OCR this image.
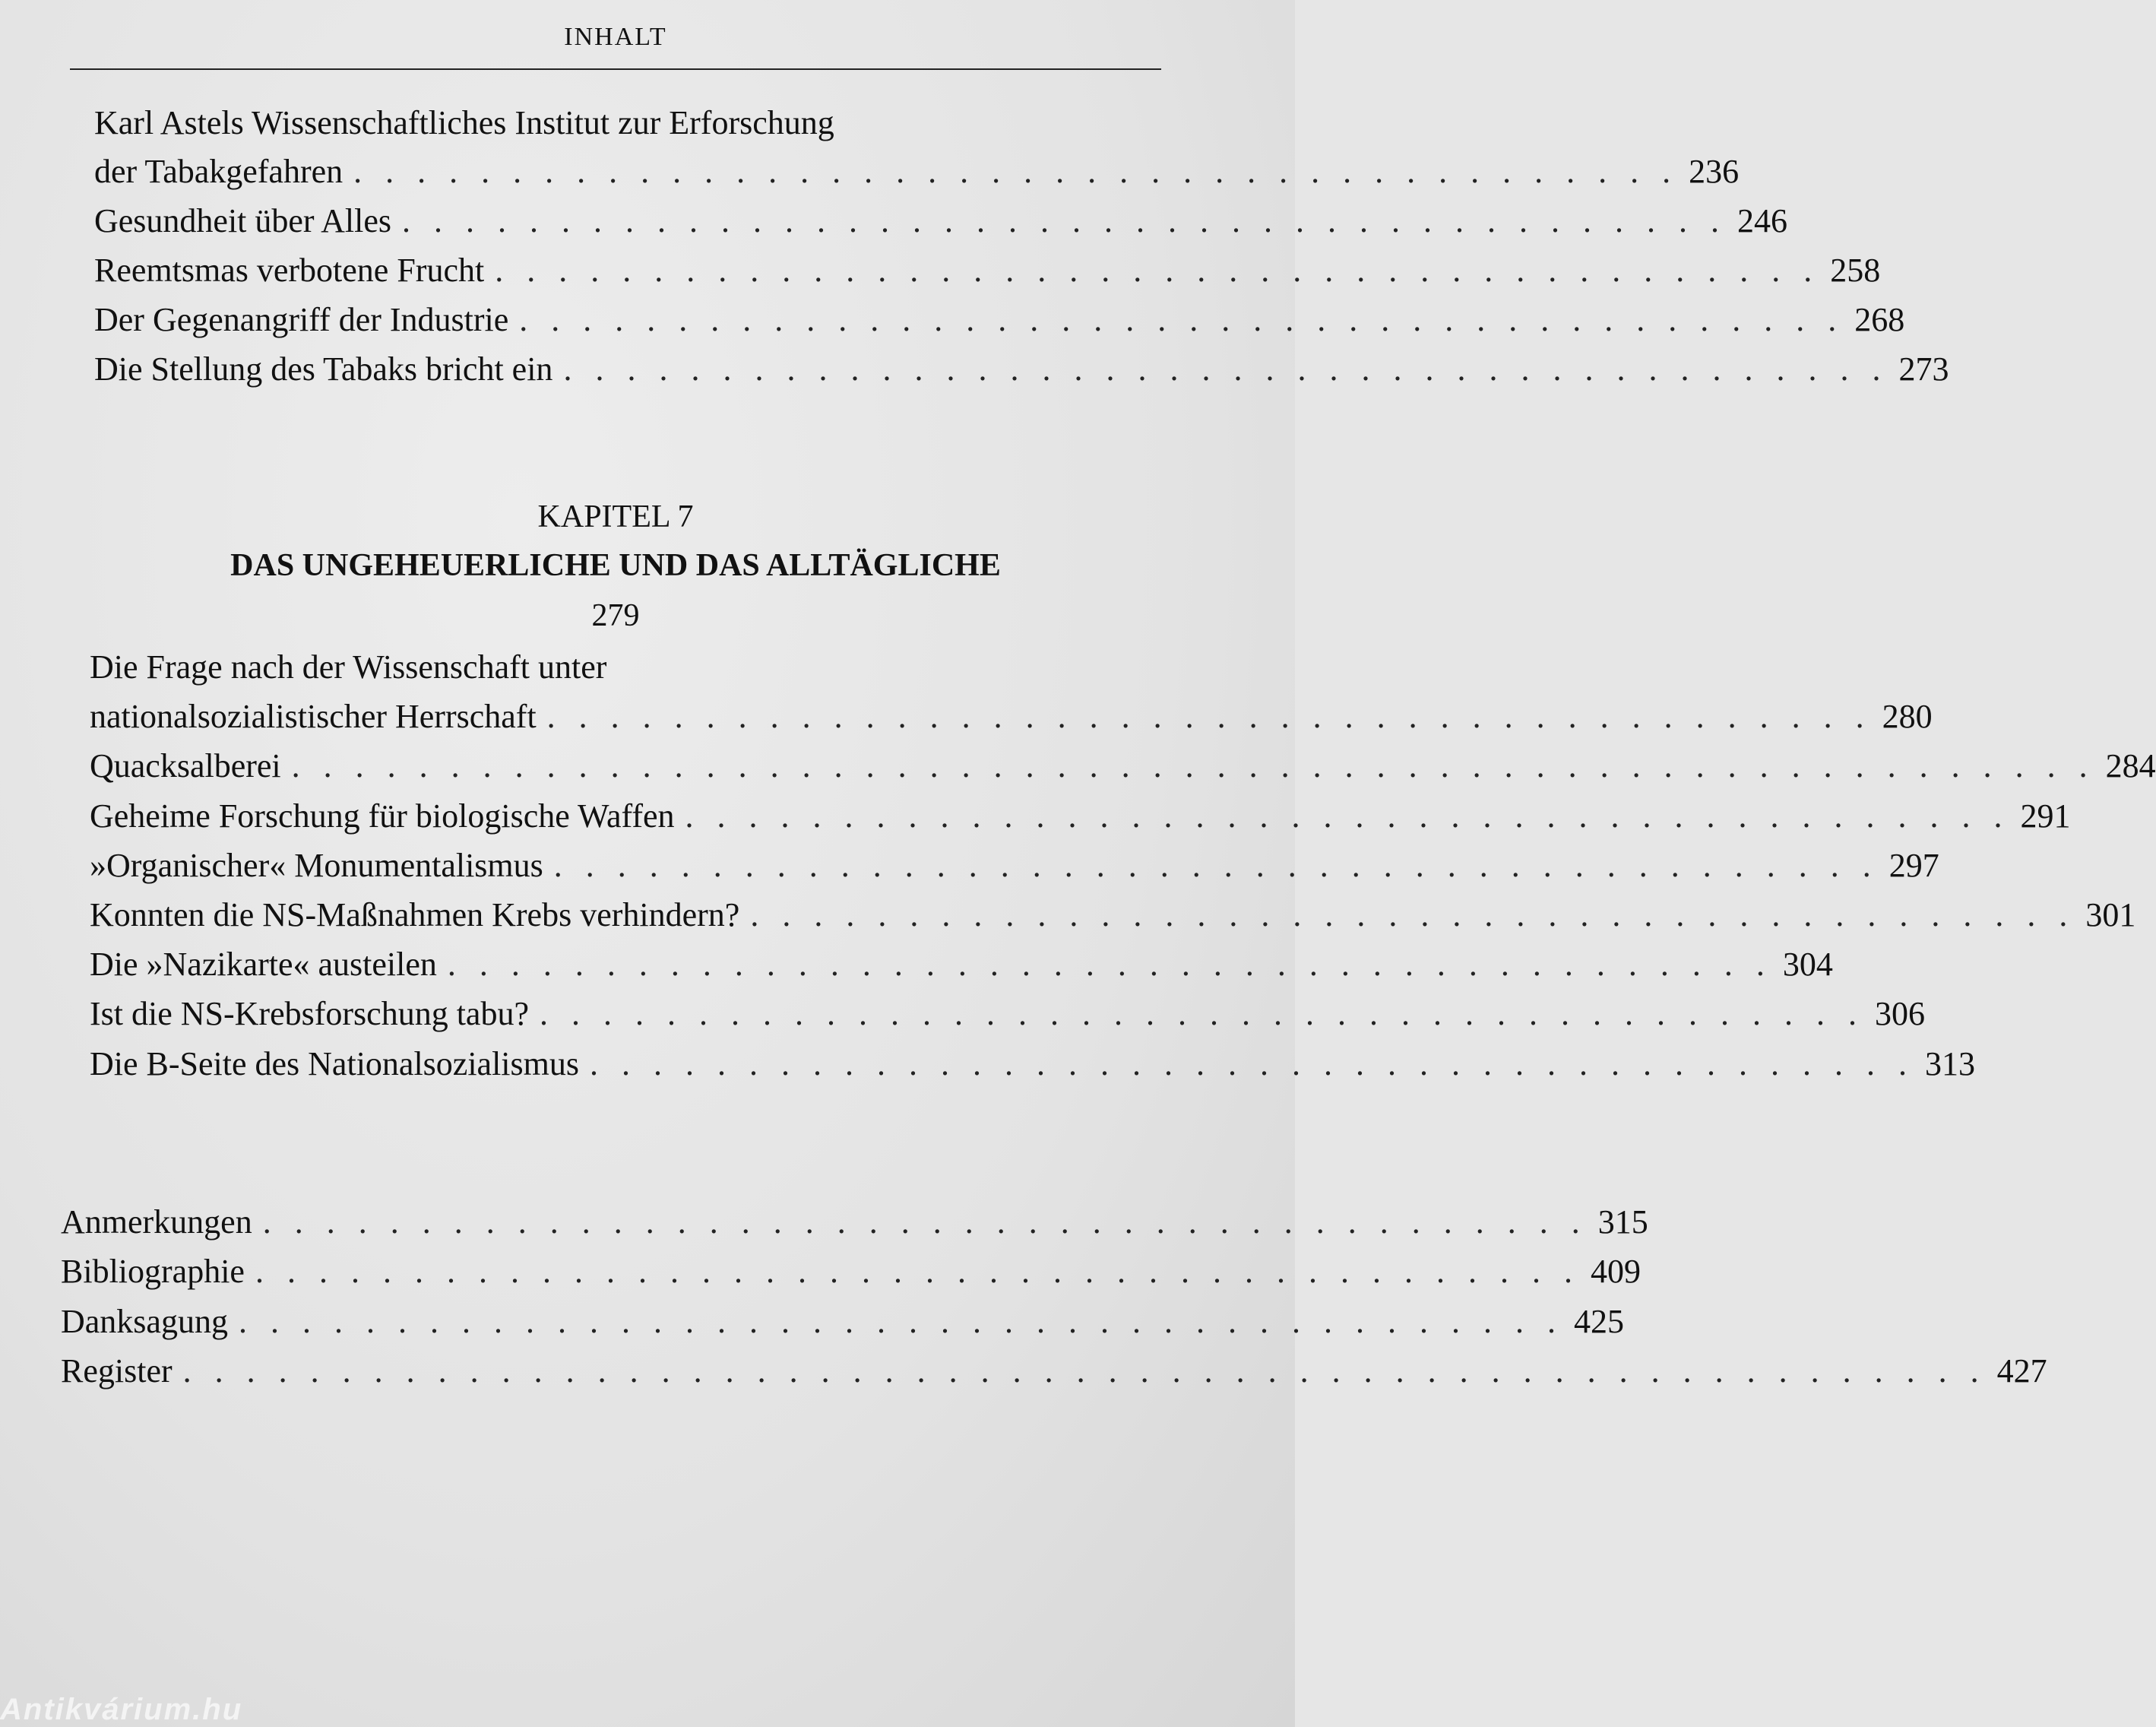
INHALT
Karl Astels Wissenschaftliches Institut zur Erforschung
der Tabakgefahren . . . . . . . . . . . . . . . . . . . . . . . . . . . . . . . . . . . . . . . . . . 236
Gesundheit über Alles . . . . . . . . . . . . . . . . . . . . . . . . . . . . . . . . . . . . . . . . . . 246
Reemtsmas verbotene Frucht . . . . . . . . . . . . . . . . . . . . . . . . . . . . . . . . . . . . . . . . . . 258
Der Gegenangriff der Industrie . . . . . . . . . . . . . . . . . . . . . . . . . . . . . . . . . . . . . . . . . . 268
Die Stellung des Tabaks bricht ein . . . . . . . . . . . . . . . . . . . . . . . . . . . . . . . . . . . . . . . . . . 273
KAPITEL 7
DAS UNGEHEUERLICHE UND DAS ALLTÄGLICHE
279
Die Frage nach der Wissenschaft unter
nationalsozialistischer Herrschaft . . . . . . . . . . . . . . . . . . . . . . . . . . . . . . . . . . . . . . . . . . 280
Quacksalberei . . . . . . . . . . . . . . . . . . . . . . . . . . . . . . . . . . . . . . . . . . . . . . . . . . . . . . . . . 284
Geheime Forschung für biologische Waffen . . . . . . . . . . . . . . . . . . . . . . . . . . . . . . . . . . . . . . . . . . 291
»Organischer« Monumentalismus . . . . . . . . . . . . . . . . . . . . . . . . . . . . . . . . . . . . . . . . . . 297
Konnten die NS-Maßnahmen Krebs verhindern? . . . . . . . . . . . . . . . . . . . . . . . . . . . . . . . . . . . . . . . . . . 301
Die »Nazikarte« austeilen . . . . . . . . . . . . . . . . . . . . . . . . . . . . . . . . . . . . . . . . . . 304
Ist die NS-Krebsforschung tabu? . . . . . . . . . . . . . . . . . . . . . . . . . . . . . . . . . . . . . . . . . . 306
Die B-Seite des Nationalsozialismus . . . . . . . . . . . . . . . . . . . . . . . . . . . . . . . . . . . . . . . . . . 313
Anmerkungen . . . . . . . . . . . . . . . . . . . . . . . . . . . . . . . . . . . . . . . . . . 315
Bibliographie . . . . . . . . . . . . . . . . . . . . . . . . . . . . . . . . . . . . . . . . . . 409
Danksagung . . . . . . . . . . . . . . . . . . . . . . . . . . . . . . . . . . . . . . . . . . 425
Register . . . . . . . . . . . . . . . . . . . . . . . . . . . . . . . . . . . . . . . . . . . . . . . . . . . . . . . . . 427
Antikvárium.hu
